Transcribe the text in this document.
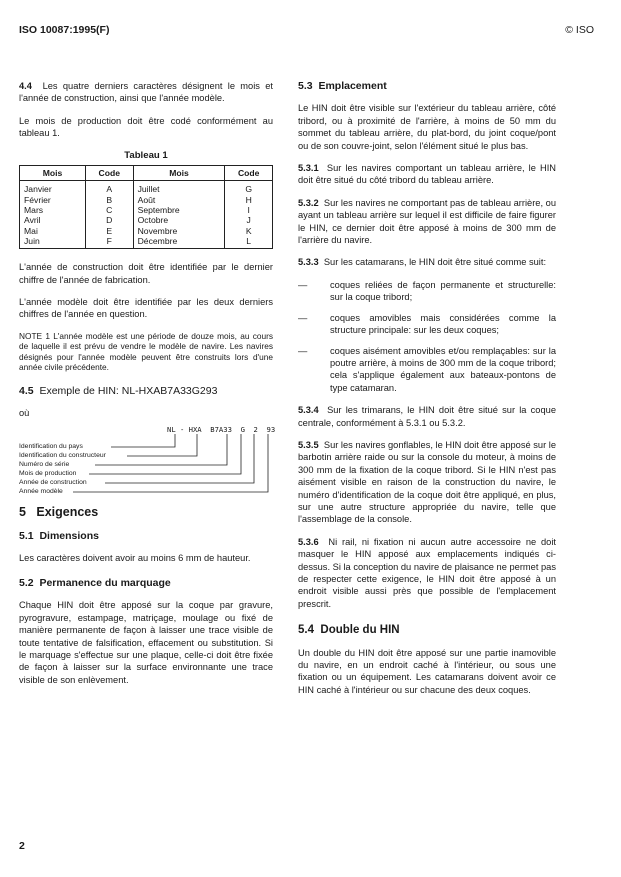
ISO 10087:1995(F)	© ISO

4.4 Les quatre derniers caractères désignent le mois et l'année de construction, ainsi que l'année modèle.

Le mois de production doit être codé conformément au tableau 1.

Tableau 1
Mois	Code	Mois	Code
Janvier	A	Juillet	G
Février	B	Août	H
Mars	C	Septembre	I
Avril	D	Octobre	J
Mai	E	Novembre	K
Juin	F	Décembre	L

L'année de construction doit être identifiée par le dernier chiffre de l'année de fabrication.

L'année modèle doit être identifiée par les deux derniers chiffres de l'année en question.

NOTE 1 L'année modèle est une période de douze mois, au cours de laquelle il est prévu de vendre le modèle de navire. Les navires désignés pour l'année modèle peuvent être construits lors d'une année civile précédente.
4.5 Exemple de HIN: NL-HXAB7A33G293

où

NL - HXA  B7A33  G  2  93
Identification du pays
Identification du constructeur
Numéro de série
Mois de production
Année de construction
Année modèle
5 Exigences
5.1 Dimensions

Les caractères doivent avoir au moins 6 mm de hauteur.

5.2 Permanence du marquage

Chaque HIN doit être apposé sur la coque par gravure, pyrogravure, estampage, matriçage, moulage ou fixé de manière permanente de façon à laisser une trace visible de toute tentative de falsification, effacement ou substitution. Si le marquage s'effectue sur une plaque, celle-ci doit être fixée de façon à laisser sur la surface environnante une trace visible de son enlèvement.

5.3 Emplacement

Le HIN doit être visible sur l'extérieur du tableau arrière, côté tribord, ou à proximité de l'arrière, à moins de 50 mm du sommet du tableau arrière, du plat-bord, du joint coque/pont ou de son couvre-joint, selon l'élément situé le plus bas.

5.3.1 Sur les navires comportant un tableau arrière, le HIN doit être situé du côté tribord du tableau arrière.

5.3.2 Sur les navires ne comportant pas de tableau arrière, ou ayant un tableau arrière sur lequel il est difficile de faire figurer le HIN, ce dernier doit être apposé à moins de 300 mm de l'arrière du navire.

5.3.3 Sur les catamarans, le HIN doit être situé comme suit:

— coques reliées de façon permanente et structurelle: sur la coque tribord;
— coques amovibles mais considérées comme la structure principale: sur les deux coques;
— coques aisément amovibles et/ou remplaçables: sur la poutre arrière, à moins de 300 mm de la coque tribord; cela s'applique également aux bateaux-pontons de type catamaran.

5.3.4 Sur les trimarans, le HIN doit être situé sur la coque centrale, conformément à 5.3.1 ou 5.3.2.

5.3.5 Sur les navires gonflables, le HIN doit être apposé sur le barbotin arrière raide ou sur la console du moteur, à moins de 300 mm de la fixation de la coque tribord. Si le HIN n'est pas aisément visible en raison de la construction du navire, le numéro d'identification de la coque doit être appliqué, en plus, sur une autre structure appropriée du navire, telle que l'assemblage de la console.

5.3.6 Ni rail, ni fixation ni aucun autre accessoire ne doit masquer le HIN apposé aux emplacements indiqués ci-dessus. Si la conception du navire de plaisance ne permet pas de respecter cette exigence, le HIN doit être apposé à un endroit visible aussi près que possible de l'emplacement prescrit.

5.4 Double du HIN

Un double du HIN doit être apposé sur une partie inamovible du navire, en un endroit caché à l'intérieur, ou sous une fixation ou un équipement. Les catamarans doivent avoir ce HIN caché à l'intérieur ou sur chacune des deux coques.

2
